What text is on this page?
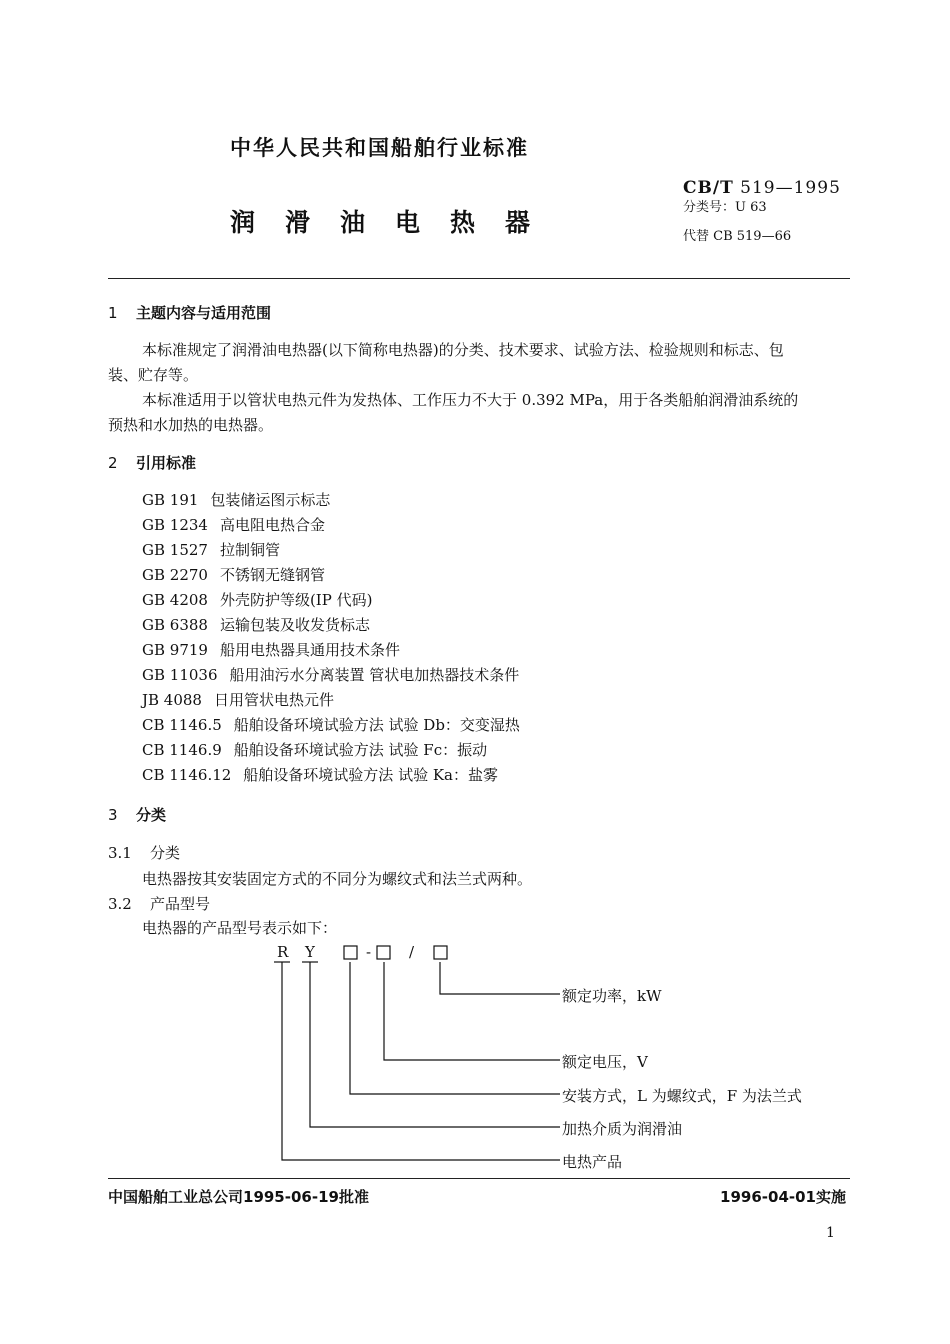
中华人民共和国船舶行业标准
润滑油电热器
CB/T 519—1995
分类号：U 63
代替 CB 519—66
1 主题内容与适用范围
本标准规定了润滑油电热器(以下简称电热器)的分类、技术要求、试验方法、检验规则和标志、包
装、贮存等。
本标准适用于以管状电热元件为发热体、工作压力不大于 0.392 MPa，用于各类船舶润滑油系统的
预热和水加热的电热器。
2 引用标准
GB 191 包装储运图示标志
GB 1234 高电阻电热合金
GB 1527 拉制铜管
GB 2270 不锈钢无缝钢管
GB 4208 外壳防护等级(IP 代码)
GB 6388 运输包装及收发货标志
GB 9719 船用电热器具通用技术条件
GB 11036 船用油污水分离装置 管状电加热器技术条件
JB 4088 日用管状电热元件
CB 1146.5 船舶设备环境试验方法 试验 Db：交变湿热
CB 1146.9 船舶设备环境试验方法 试验 Fc：振动
CB 1146.12 船舶设备环境试验方法 试验 Ka：盐雾
3 分类
3.1 分类
电热器按其安装固定方式的不同分为螺纹式和法兰式两种。
3.2 产品型号
电热器的产品型号表示如下：
R Y	-	/
额定功率，kW
额定电压，V
安装方式，L 为螺纹式，F 为法兰式
加热介质为润滑油
电热产品
中国船舶工业总公司1995-06-19批准	1996-04-01实施
1
